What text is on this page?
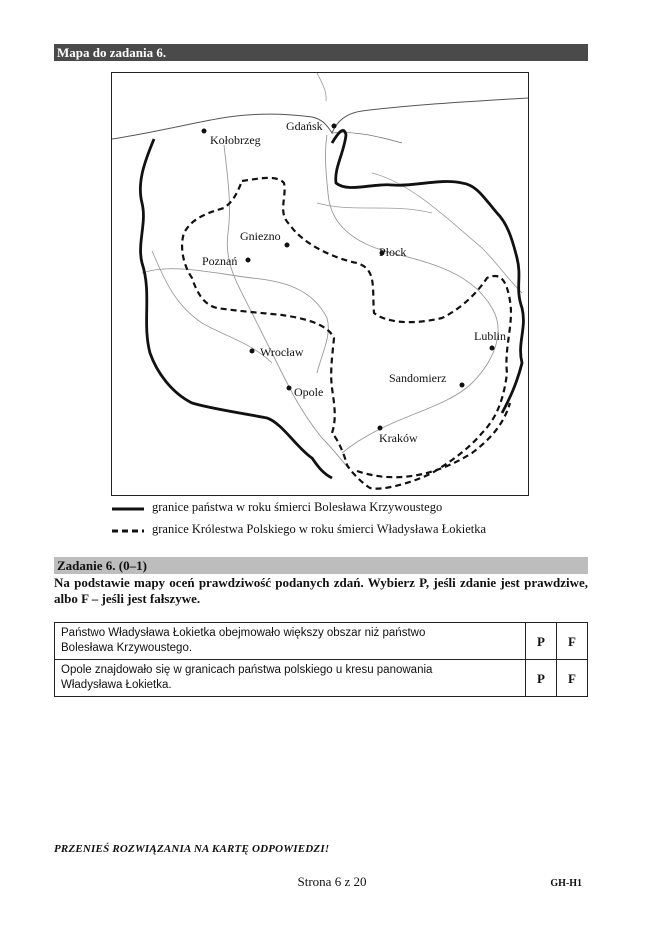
Mapa do zadania 6.
Kołobrzeg
Gdańsk
Gniezno
Poznań
Płock
Lublin
Wrocław
Opole
Sandomierz
Kraków
granice państwa w roku śmierci Bolesława Krzywoustego
granice Królestwa Polskiego w roku śmierci Władysława Łokietka
Zadanie 6. (0–1)
Na podstawie mapy oceń prawdziwość podanych zdań. Wybierz P, jeśli zdanie jest prawdziwe, albo F – jeśli jest fałszywe.
Państwo Władysława Łokietka obejmowało większy obszar niż państwo
Bolesława Krzywoustego.	P	F
Opole znajdowało się w granicach państwa polskiego u kresu panowania
Władysława Łokietka.	P	F
PRZENIEŚ ROZWIĄZANIA NA KARTĘ ODPOWIEDZI!
Strona 6 z 20	GH-H1
